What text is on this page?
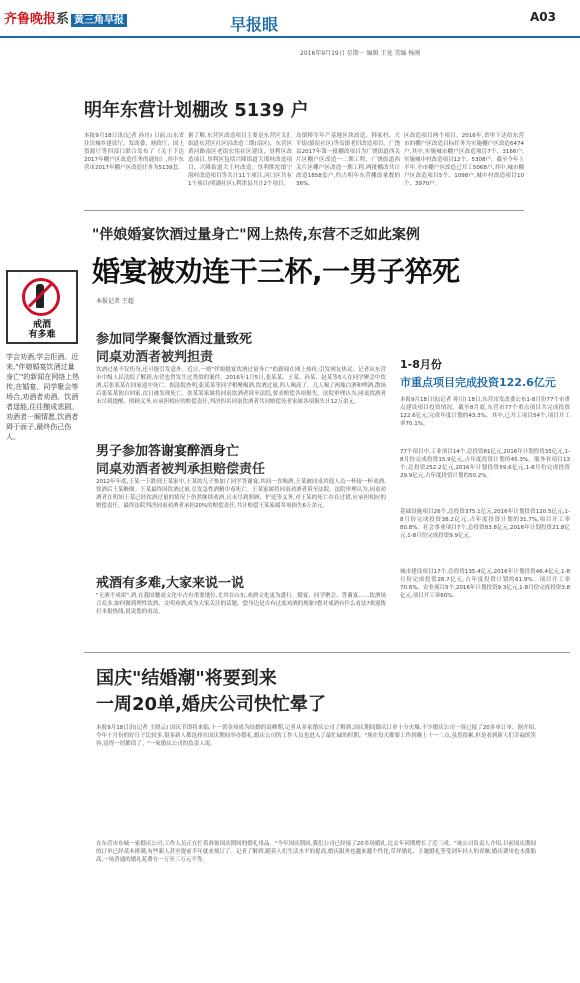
齐鲁晚报系 黄三角早报	早报眼	A03
2016年9月19日 星期一 编辑 王龙 美编 杨刚
明年东营计划棚改 5139 户
本报9月18日讯(记者 孙川) 日前,山东省住房城乡建设厅、发改委、财政厅、国土资源厅等四部门联合发布了《关于下达2017年棚户区改造任务的通知》,其中东营市2017年棚户区改造任务为5139套。
据了解,东营区改造项目主要是东营区文汇街道东营区社区居改造二期(南区)、东营区黄河路南区老街宏伟社区建设、垦利区改造项目,垦利区包括兴隆街道大邢村改造项目、兴隆街道大王村改造、垦利胜坨镇宁海村改造项目等共计11个项目,河口区共有1个项目(明湖社区),利津县共计2个项目。
岛镇桥军年产基地区块改造、韩家村、大平街(镇原社区)等岛镇老旧改造项目。广饶县2017年第一批棚改项目为广饶街道西关片区棚户区改造一二期工程、广饶街道西关片区棚户区改造一期工程,两批棚改共计改造1858套户,约占明年东营棚改量数的36%。
区改造项目两个项目。2016年,省里下达给东营市的棚户区改造目标任务为实施棚户区改造6474户,其中,实施城市棚户区改造项目7个、3166户,实施城中村改造项目12个、5308户。截至今年上半年,全市棚户区改造已开工5068户,其中,城市棚户区改造项目5个、1098户,城中村改造项目10个、3970户。
"伴娘婚宴饮酒过量身亡"网上热传,东营不乏如此案例
婚宴被劝连干三杯,一男子猝死
本报记者 王超
戒酒
有多难
学会劝酒,学会拒酒。近来,"伴娘婚宴饮酒过量身亡"的新闻在网络上热传,在婚宴、同学聚会等场合,劝酒者劝酒、饮酒者逞能,往往酿成悲剧。劝酒者一厢情愿,饮酒者碍于面子,最终伤己伤人。
参加同学聚餐饮酒过量致死
同桌劝酒者被判担责
饮酒过量不仅伤身,还可能引发意外。近日,一则"伴娘婚宴饮酒过量身亡"的新闻在网上热传,引发网友热议。记者从东营市中级人民法院了解到,东营也曾发生过类似的案件。2016年1月5日,张某某、王某、孙某、赵某等5人在同学聚会中饮酒,后张某某在回家途中死亡。据法院查明,张某某等同学相聚喝酒,饮酒过量,四人喝高了。几人喝了两瓶白酒和啤酒,散场后张某某独自回家,次日被发现死亡。张某某家属将同桌饮酒者诉至法院,要求赔偿各项损失。法院审理认为,同桌饮酒者未尽到提醒、照顾义务,应承担相应的赔偿责任,判决四名同桌饮酒者共同赔偿死者家属各项损失计12万余元。
男子参加答谢宴醉酒身亡
同桌劝酒者被判承担赔偿责任
2012年年底,王某一下跌到王某家中,王某的儿子参加了同学答谢宴,其间一直喝酒,王某被同桌其他人员一杯接一杯劝酒,饮酒后王某醉倒。王某最终因饮酒过量,引发急性酒精中毒死亡。王某家属将同桌劝酒者诉至法院。法院审理认为,同桌劝酒者在明知王某已经饮酒过量的情况下仍然继续劝酒,且未尽到照顾、护送等义务,对王某的死亡存在过错,应承担相应的赔偿责任。最终法院判决同桌劝酒者承担20%的赔偿责任,共计赔偿王某家属各项损失6万余元。
戒酒有多难,大家来说一说
"无酒不成席",酒,在我国餐桌文化中占有重要地位,尤其在山东,劝酒文化更为盛行。婚宴、同学聚会、答谢宴……饮酒场合众多,如何做到理性饮酒、文明劝酒,成为大家关注的话题。您身边是否有过度劝酒的现象?您对戒酒有什么看法?欢迎拨打本报热线,说说您的看法。
1-8月份
市重点项目完成投资122.6亿元
本报9月18日讯(记者 孙川) 18日,东营市发改委公布1-8月份77个市重点建设项目投资情况。截至8月底,东营市77个重点项目共完成投资122.6亿元,完成年度计划的43.3%。其中,已开工项目54个,项目开工率70.1%。
77个项目中,工业项目14个,总投资81亿元,2016年计划投资35亿元,1-8月份完成投资15.9亿元,占年度投资计划的45.3%。服务业项目13个,总投资252.2亿元,2016年计划投资59.6亿元,1-8月份完成投资29.9亿元,占年度投资计划的50.2%。
基础设施项目26个,总投资375.1亿元,2016年计划投资120.5亿元,1-8月份完成投资38.2亿元,占年度投资计划的31.7%,项目开工率80.8%。社会事业项目7个,总投资83.8亿元,2016年计划投资21.8亿元,1-8月份完成投资9.9亿元。
城市建设项目17个,总投资135.4亿元,2016年计划投资46.4亿元,1-8月份完成投资28.7亿元,占年度投资计划的61.9%。项目开工率70.6%。农业项目5个,2016年计划投资9.3亿元,1-8月份完成投资3.8亿元,项目开工率60%。
国庆"结婚潮"将要到来
一周20单,婚庆公司快忙晕了
本报9月18日讯(记者 王晓云) 国庆节即将来临,十一黄金周成为结婚的高峰期,记者从多家婚庆公司了解到,国庆期间婚庆订单十分火爆,不少婚庆公司一周已接了20多单订单。据介绍,今年十月份的好日子比较多,很多新人都选择在国庆期间举办婚礼,婚庆公司的工作人员也进入了最忙碌的时期。"现在每天都要工作到晚上十一二点,虽然很累,但是看到新人们幸福的笑容,觉得一切都值了。"一家婚庆公司的负责人说。
在东营市东城一家婚庆公司,工作人员正在忙着准备国庆期间的婚礼用品。"今年国庆期间,我们公司已经接了20多场婚礼,比去年同期增长了近三成。"该公司负责人介绍,目前国庆期间的订单已经基本排满,有些新人甚至提前半年就来预订了。记者了解到,随着人们生活水平的提高,婚庆服务也越来越个性化,草坪婚礼、主题婚礼等受到年轻人的青睐,婚庆费用也水涨船高,一场普通的婚礼花费在一万至三万元不等。
